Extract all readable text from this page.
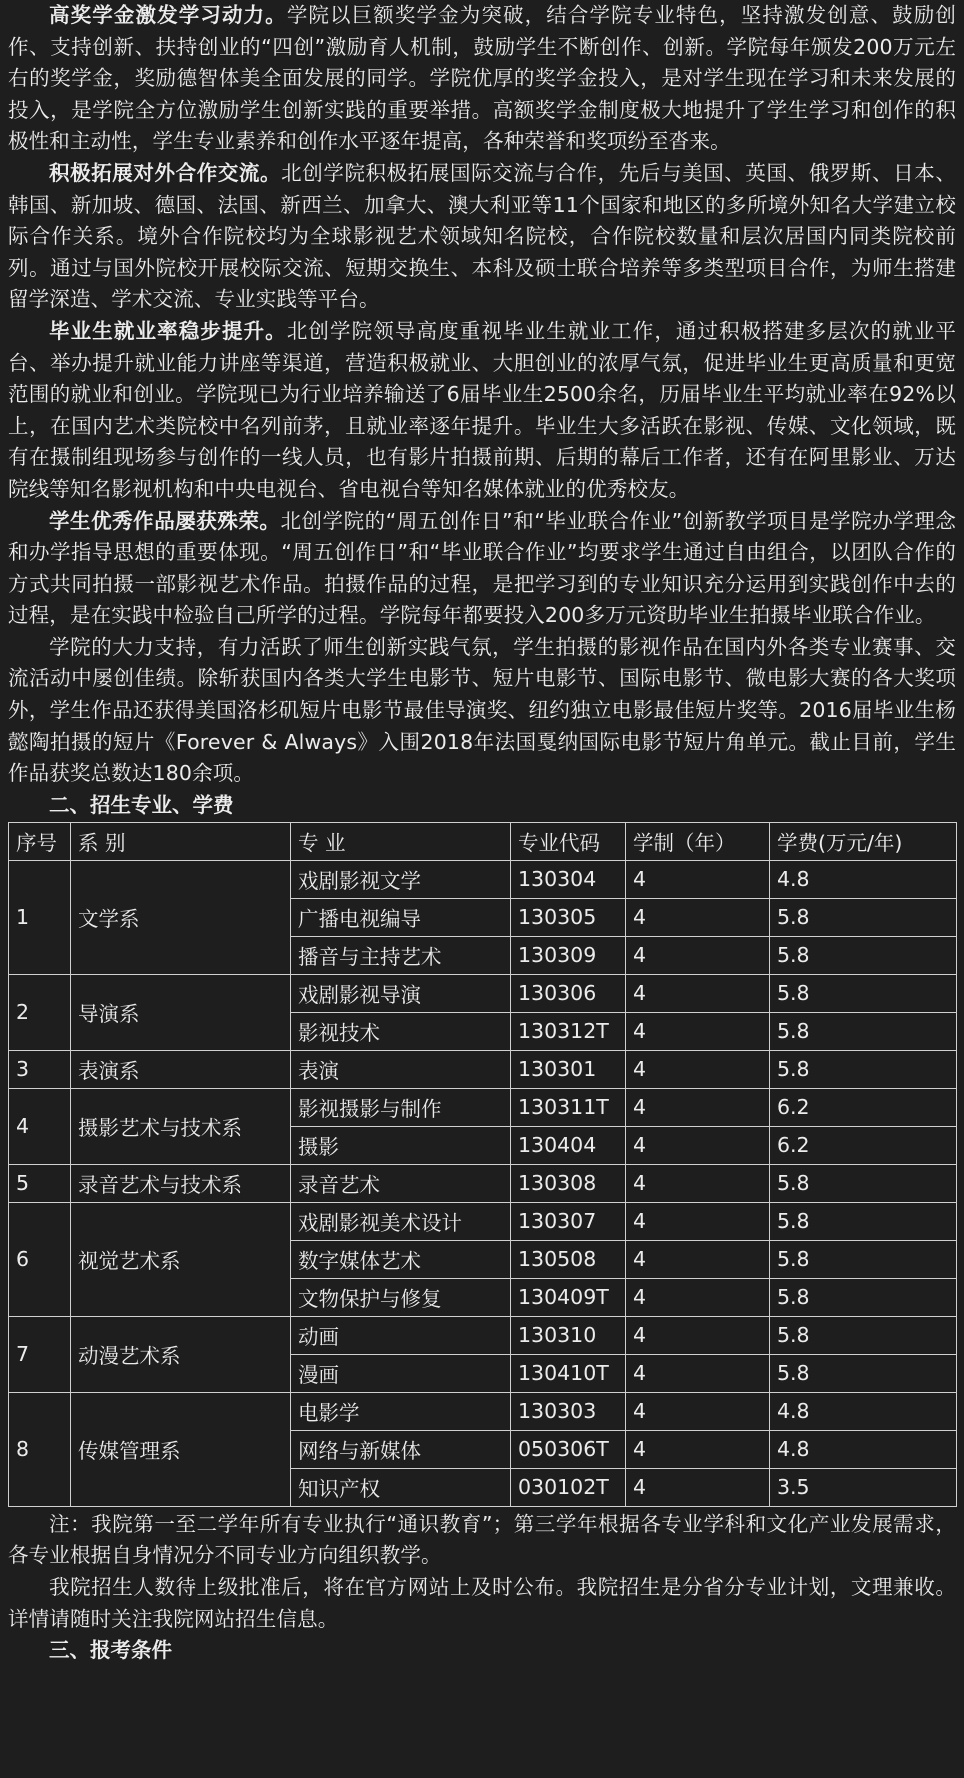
高奖学金激发学习动力。学院以巨额奖学金为突破，结合学院专业特色，坚持激发创意、鼓励创作、支持创新、扶持创业的“四创”激励育人机制，鼓励学生不断创作、创新。学院每年颁发200万元左右的奖学金，奖励德智体美全面发展的同学。学院优厚的奖学金投入，是对学生现在学习和未来发展的投入，是学院全方位激励学生创新实践的重要举措。高额奖学金制度极大地提升了学生学习和创作的积极性和主动性，学生专业素养和创作水平逐年提高，各种荣誉和奖项纷至沓来。

积极拓展对外合作交流。北创学院积极拓展国际交流与合作，先后与美国、英国、俄罗斯、日本、韩国、新加坡、德国、法国、新西兰、加拿大、澳大利亚等11个国家和地区的多所境外知名大学建立校际合作关系。境外合作院校均为全球影视艺术领域知名院校，合作院校数量和层次居国内同类院校前列。通过与国外院校开展校际交流、短期交换生、本科及硕士联合培养等多类型项目合作，为师生搭建留学深造、学术交流、专业实践等平台。

毕业生就业率稳步提升。北创学院领导高度重视毕业生就业工作，通过积极搭建多层次的就业平台、举办提升就业能力讲座等渠道，营造积极就业、大胆创业的浓厚气氛，促进毕业生更高质量和更宽范围的就业和创业。学院现已为行业培养输送了6届毕业生2500余名，历届毕业生平均就业率在92%以上，在国内艺术类院校中名列前茅，且就业率逐年提升。毕业生大多活跃在影视、传媒、文化领域，既有在摄制组现场参与创作的一线人员，也有影片拍摄前期、后期的幕后工作者，还有在阿里影业、万达院线等知名影视机构和中央电视台、省电视台等知名媒体就业的优秀校友。

学生优秀作品屡获殊荣。北创学院的“周五创作日”和“毕业联合作业”创新教学项目是学院办学理念和办学指导思想的重要体现。“周五创作日”和“毕业联合作业”均要求学生通过自由组合，以团队合作的方式共同拍摄一部影视艺术作品。拍摄作品的过程，是把学习到的专业知识充分运用到实践创作中去的过程，是在实践中检验自己所学的过程。学院每年都要投入200多万元资助毕业生拍摄毕业联合作业。

学院的大力支持，有力活跃了师生创新实践气氛，学生拍摄的影视作品在国内外各类专业赛事、交流活动中屡创佳绩。除斩获国内各类大学生电影节、短片电影节、国际电影节、微电影大赛的各大奖项外，学生作品还获得美国洛杉矶短片电影节最佳导演奖、纽约独立电影最佳短片奖等。2016届毕业生杨懿陶拍摄的短片《Forever & Always》入围2018年法国戛纳国际电影节短片角单元。截止目前，学生作品获奖总数达180余项。

二、招生专业、学费

序号	系 别	专 业	专业代码	学制（年）	学费(万元/年)
1	文学系	戏剧影视文学	130304	4	4.8
		广播电视编导	130305	4	5.8
		播音与主持艺术	130309	4	5.8
2	导演系	戏剧影视导演	130306	4	5.8
		影视技术	130312T	4	5.8
3	表演系	表演	130301	4	5.8
4	摄影艺术与技术系	影视摄影与制作	130311T	4	6.2
		摄影	130404	4	6.2
5	录音艺术与技术系	录音艺术	130308	4	5.8
6	视觉艺术系	戏剧影视美术设计	130307	4	5.8
		数字媒体艺术	130508	4	5.8
		文物保护与修复	130409T	4	5.8
7	动漫艺术系	动画	130310	4	5.8
		漫画	130410T	4	5.8
8	传媒管理系	电影学	130303	4	4.8
		网络与新媒体	050306T	4	4.8
		知识产权	030102T	4	3.5

注：我院第一至二学年所有专业执行“通识教育”；第三学年根据各专业学科和文化产业发展需求，各专业根据自身情况分不同专业方向组织教学。

我院招生人数待上级批准后，将在官方网站上及时公布。我院招生是分省分专业计划，文理兼收。详情请随时关注我院网站招生信息。

三、报考条件
